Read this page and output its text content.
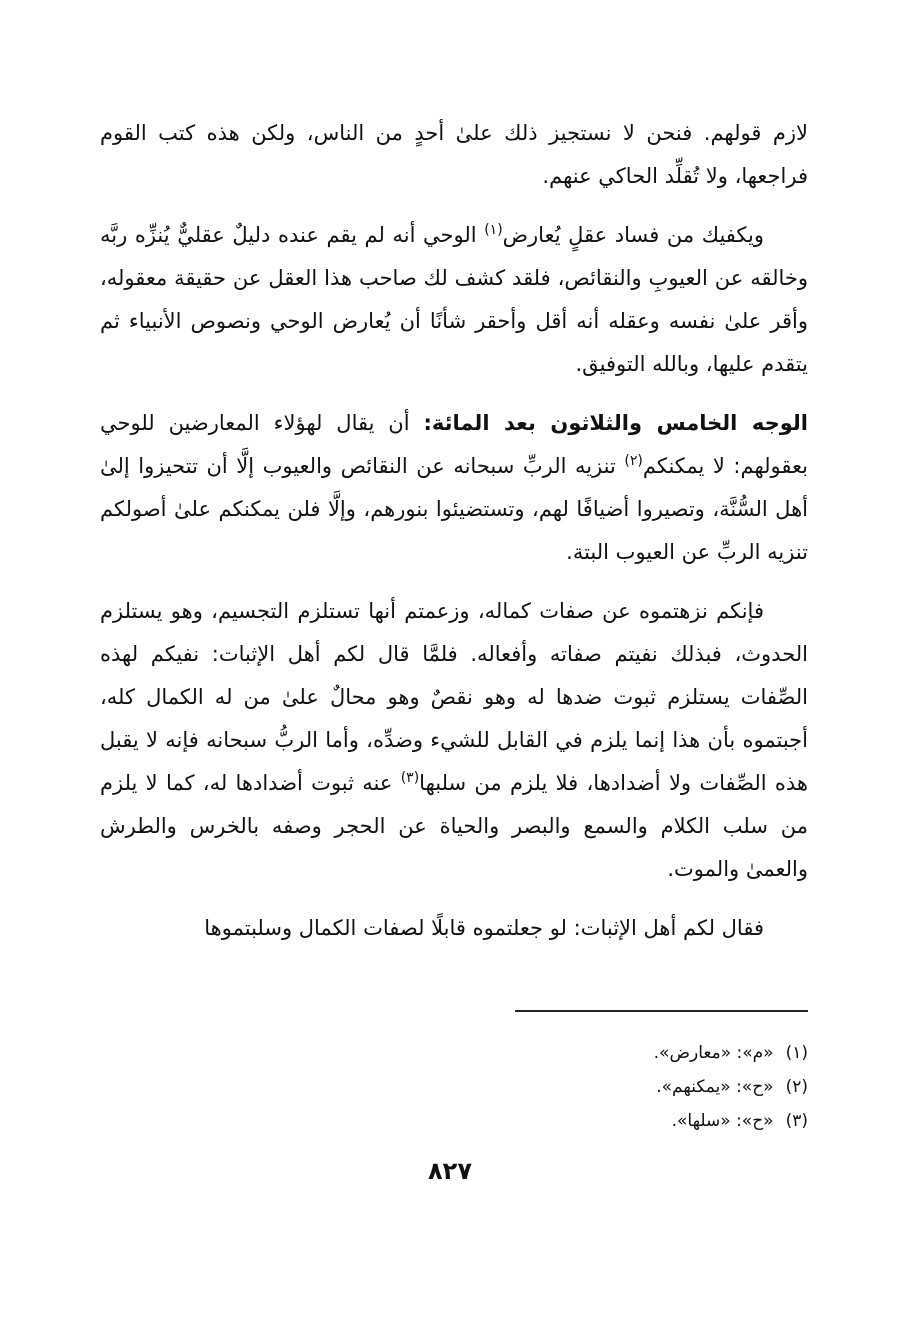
لازم قولهم. فنحن لا نستجيز ذلك علىٰ أحدٍ من الناس، ولكن هذه كتب القوم فراجعها، ولا تُقلِّد الحاكي عنهم.

ويكفيك من فساد عقلٍ يُعارض$^{(١)}$ الوحي أنه لم يقم عنده دليلٌ عقليٌّ يُنزِّه ربَّه وخالقه عن العيوبِ والنقائص، فلقد كشف لك صاحب هذا العقل عن حقيقة معقوله، وأقر علىٰ نفسه وعقله أنه أقل وأحقر شأنًا أن يُعارض الوحي ونصوص الأنبياء ثم يتقدم عليها، وبالله التوفيق.

الوجه الخامس والثلاثون بعد المائة: أن يقال لهؤلاء المعارضين للوحي بعقولهم: لا يمكنكم$^{(٢)}$ تنزيه الربِّ سبحانه عن النقائص والعيوب إلَّا أن تتحيزوا إلىٰ أهل السُّنَّة، وتصيروا أضيافًا لهم، وتستضيئوا بنورهم، وإلَّا فلن يمكنكم علىٰ أصولكم تنزيه الربِّ عن العيوب البتة.

فإنكم نزهتموه عن صفات كماله، وزعمتم أنها تستلزم التجسيم، وهو يستلزم الحدوث، فبذلك نفيتم صفاته وأفعاله. فلمَّا قال لكم أهل الإثبات: نفيكم لهذه الصِّفات يستلزم ثبوت ضدها له وهو نقصٌ وهو محالٌ علىٰ من له الكمال كله، أجبتموه بأن هذا إنما يلزم في القابل للشيء وضدِّه، وأما الربُّ سبحانه فإنه لا يقبل هذه الصِّفات ولا أضدادها، فلا يلزم من سلبها$^{(٣)}$ عنه ثبوت أضدادها له، كما لا يلزم من سلب الكلام والسمع والبصر والحياة عن الحجر وصفه بالخرس والطرش والعمىٰ والموت.

فقال لكم أهل الإثبات: لو جعلتموه قابلًا لصفات الكمال وسلبتموها

(١)«م»: «معارض».
(٢)«ح»: «يمكنهم».
(٣)«ح»: «سلها».
٨٢٧
